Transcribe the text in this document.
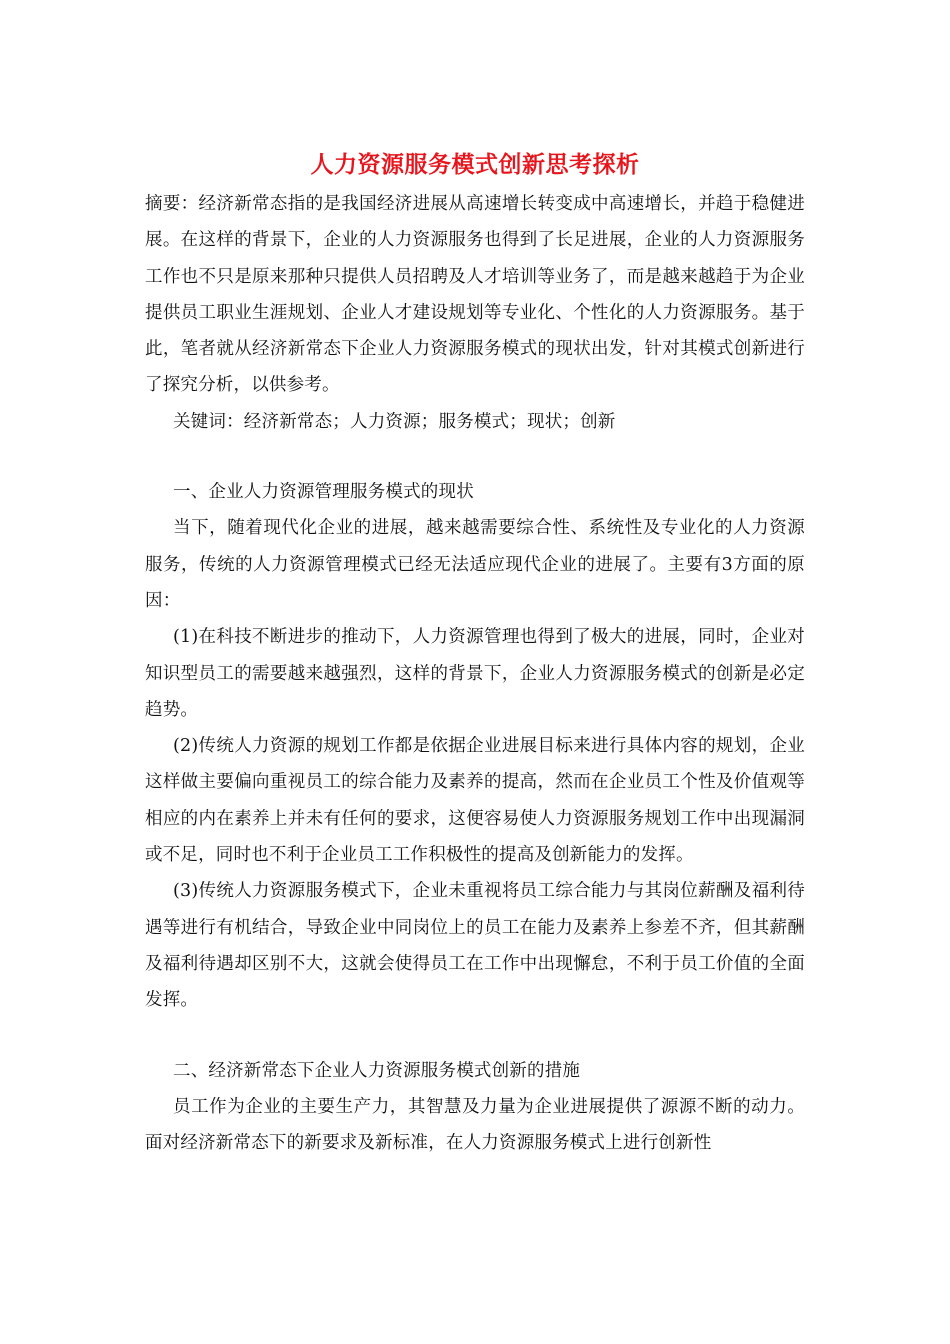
人力资源服务模式创新思考探析

摘要：经济新常态指的是我国经济进展从高速增长转变成中高速增长，并趋于稳健进展。在这样的背景下，企业的人力资源服务也得到了长足进展，企业的人力资源服务工作也不只是原来那种只提供人员招聘及人才培训等业务了，而是越来越趋于为企业提供员工职业生涯规划、企业人才建设规划等专业化、个性化的人力资源服务。基于此，笔者就从经济新常态下企业人力资源服务模式的现状出发，针对其模式创新进行了探究分析，以供参考。

关键词：经济新常态；人力资源；服务模式；现状；创新

一、企业人力资源管理服务模式的现状

当下，随着现代化企业的进展，越来越需要综合性、系统性及专业化的人力资源服务，传统的人力资源管理模式已经无法适应现代企业的进展了。主要有3方面的原因：

(1)在科技不断进步的推动下，人力资源管理也得到了极大的进展，同时，企业对知识型员工的需要越来越强烈，这样的背景下，企业人力资源服务模式的创新是必定趋势。

(2)传统人力资源的规划工作都是依据企业进展目标来进行具体内容的规划，企业这样做主要偏向重视员工的综合能力及素养的提高，然而在企业员工个性及价值观等相应的内在素养上并未有任何的要求，这便容易使人力资源服务规划工作中出现漏洞或不足，同时也不利于企业员工工作积极性的提高及创新能力的发挥。

(3)传统人力资源服务模式下，企业未重视将员工综合能力与其岗位薪酬及福利待遇等进行有机结合，导致企业中同岗位上的员工在能力及素养上参差不齐，但其薪酬及福利待遇却区别不大，这就会使得员工在工作中出现懈怠，不利于员工价值的全面发挥。

二、经济新常态下企业人力资源服务模式创新的措施

员工作为企业的主要生产力，其智慧及力量为企业进展提供了源源不断的动力。面对经济新常态下的新要求及新标准，在人力资源服务模式上进行创新性
